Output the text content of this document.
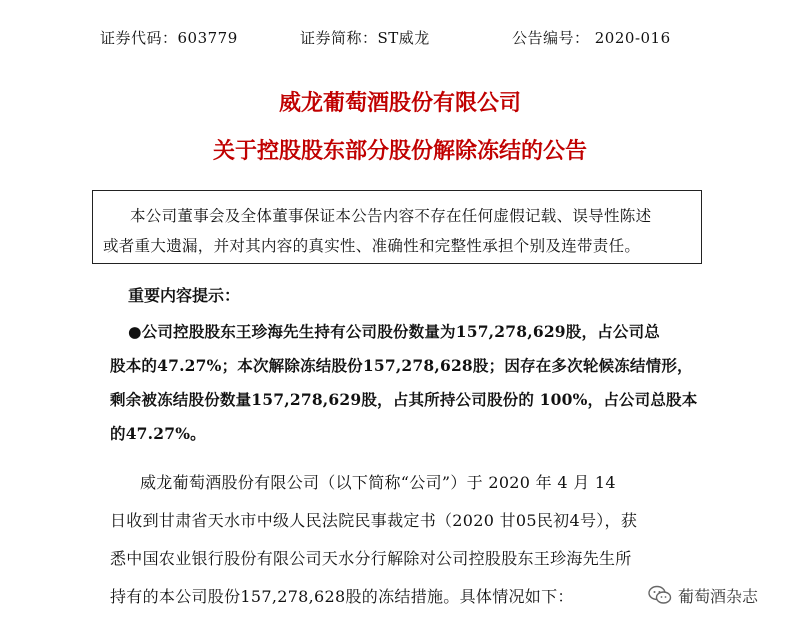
证券代码：603779	证券简称：ST威龙	公告编号： 2020-016
威龙葡萄酒股份有限公司
关于控股股东部分股份解除冻结的公告
本公司董事会及全体董事保证本公告内容不存在任何虚假记载、误导性陈述
或者重大遗漏，并对其内容的真实性、准确性和完整性承担个别及连带责任。
重要内容提示：
●公司控股股东王珍海先生持有公司股份数量为157,278,629股，占公司总
股本的47.27%；本次解除冻结股份157,278,628股；因存在多次轮候冻结情形，
剩余被冻结股份数量157,278,629股，占其所持公司股份的 100%，占公司总股本
的47.27%。
威龙葡萄酒股份有限公司（以下简称“公司”）于 2020 年 4 月 14
日收到甘肃省天水市中级人民法院民事裁定书（2020 甘05民初4号），获
悉中国农业银行股份有限公司天水分行解除对公司控股股东王珍海先生所
持有的本公司股份157,278,628股的冻结措施。具体情况如下：	葡萄酒杂志
